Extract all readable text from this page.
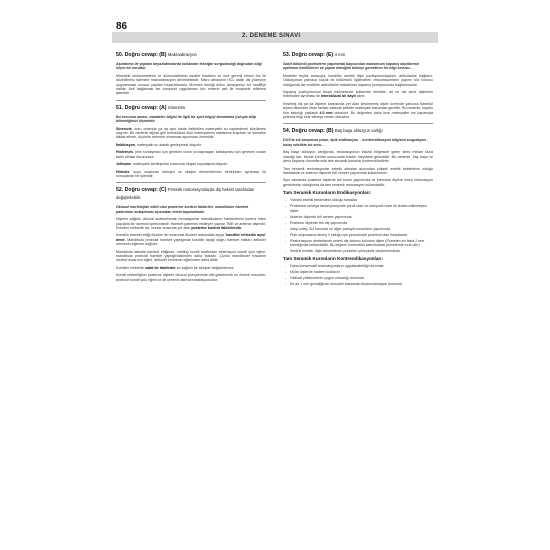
86
2. DENEME SINAVI
50. Doğru cevap: (B) Makroabrazyon
Aşındırma ile yapılan beyazlatmalarda kullanılan tekniğin sorgulandığı doğrudan bilgi ölçen bir sorudur.

Minedeki renklenmelerin ve düzensizliklerin asidtör maddesi ve ince gerenli etmez fırz ile düzeltilmesi işlemine makroabrazyon denilmektedir. Mikro abrazyon HCL asitin diş yüzeyine uygulanması sonucu yapılan beyazlatmadır. Mcinnes tekniği mikro abrazyonun bir modifiye halidir. Asit dağlaması ise kompozit uygulaması için minerin asit ile muamele edilmesi işlemidir.

51. Doğru cevap: (A) Sinerezis
Bu sorunun amacı, maddeler bilgisi ile ilgili bir spot bilgiyi tanımlama yoluyla bilip bilmediğinizi ölçmektir.

Sinerezis, kuru ortamda ya da açık halde bekletilen materyalin su kaybederek büzülmesi olayıdır. Bu nedenle aljinat gibi hidrokolloid ölçü materyallerin saklanma koşulları ve süresine dikkat etmek, ölçünün deforme olmaması açısından önemlidir.

İmbibisyon, materyalin su alarak genleşmesi olayıdır.

Histerezis, jelin sıvılaşması için gereken ısının sıvılaşmayan katılaşması için gereken ısıdan farklı olması durumudur.

Jelleşme, materyalin sertleşmesi sırasında oluşan koyulaşma olayıdır.

Hidroliz, suyu oluşturan hidrojen ve oksijen elementlerinin birbirinden ayrılması ile sonuçlanan bir işlemdir.

52. Doğru cevap: (C) Protetik restorasyonlarda diş hekimi tarafından değiştirilebilir.
Okluzal morfolojide etkili olan posterior kontrol faktörleri, mandibuler hareket paterninin anlaşılması açısından önem taşımaktadır.

Dişlerin sağlıklı okluzal anatomisinde formasyonlar mandibulanın hareketlerini kontrol eden yapılarla bir harmoni içerisindedir. Hareket paternini etkileyen yapılar TME ve anterior dişlerdir. Kondiler rehberlik ise, bunlar arasında yer alan posterior kontrol faktörleridir.

Kondilin hareket ettiği düzlem ile horizontal düzlem arasındaki açıya 'kondiler rehberlik açısı' denir. Mandibula protrusif hareket yaptığında kondilin aşağı doğru hareket miktarı artikuler eminenin eğimine bağlıdır.

Mandibula laterale hareket ettiğinde; orbiting kondil taraftırdan ekstrüzyon kondil yolu eğimi, mandibula protrusif hareket yaptığındakinden daha fazladır. Çünkü mandibuler fossanın medial duvarının eğimi, artikuler eminenin eğiminden daha diktir.

Kondiler rehberlik sabit bir faktördür ve sağlıklı bir bireyde değiştirilemez.

Kondil rehberliğinin posterior dişlerin okluzal yüzeylerinde etki gösterecek en önemli unsurları; protrusif kondil yolu eğimi ve alt çenenin lateral translasyonudur.

53. Doğru cevap: (E) 4 mm
Sabit bölümlü protezlerin yapımında başvurulan maksimum kapanış kayıtlarının optimum özelliklerini ve yapım tekniğini bilmeyi gerektiren bir bilgi sorusu...

Modeller teşhis amacıyla, kondiller sentrik ilişki pozisyonundayken, artikülatöre bağlanır. Oklüzyonun yalnızca küçük bir bölümünü ilgilendiren restorasyonların yapımı söz konusu olduğunda ise modeller artikülatöre maksimum kapanış pozisyonunda bağlanmalıdır.

Kapanış pozisyonunun tespit edilmesinde kullanılan teknikte; alt ve üst çene dişlerinin birbirinden ayrılması ile interoklüzal bir kayıt alınır.

Kesilmiş diş ya da dişlerin karşısında yer alan kesilmemiş dişler üzerinde yalnızca tüberkül tepesi dikenden biraz fazlası kalacak şekilde materyale basılması gereklir. Bu nedenle, kaydın tüm kalınlığı yaklaşık 4.0 mm olmalıdır. Bu değerden daha ince materyaller ise kapanışta yetersiz bilgi elde etmeye neden olacaktır.

54. Doğru cevap: (B) Baş başa oklüzyon varlığı
DUS'ta sık karşımıza çıkan, tipik endikasyon – kontrendikasyon bilgisini sorgulayan , kolay nitelikte bir soru...

Baş başa oklüzyon varlığında, restorasyonun insizal bölgesine gelen stres miktarı fazla olacağı için, ileride kırılma sonucunda fraktür meydana gelecektir. Bu nedenle, baş başa ve derin kapanış durumlarında tam seramik kuronlar kontrendikedirler.

Tam seramik restorasyonlar estetik olmaları açısından yüksek estetik beklentinin olduğu hastalarda ve anterior dişlerde full veneer yapımında kullanılanılır.

Aynı zamanda posterior dişlerde tek kuron yapımında ve premolar dişlere onley restorasyon gerekiminin olduğunda da tam seramik restorasyon kullanılabilir.

Tam Seramik Kuronların Endikasyonları:
- Yüksek estetik beklentinin olduğu hastalar
- Proksimal ve/veya fasial yüzeyinde çürük olan ve kompozit rezin ile tedavi edilemeyen dişler
- Anterior dişlerde full veneer yapımında
- Posterior dişlerde tek diş yapımında
- Inley-onley, 3/4 kuronlar ve diğer parsiyel kuronların yapımında
- Plak oluşmasına direnç li olduğu için periodontal problemi olan hastalarda
- Restorasyonu desteklecek yeterli diş dokusu bulunan dişler (Porselen en fazla 2 mm kalınlığında kullanılabilir. Bu değerin üzerindeki kalınlıklarda porselende kırık olur)
- Sentrik kontak, dişle desteklenen porselen yüzeyinde oluşturulmalıdır
Tam Seramik Kuronların Kontrendikasyonları:
- Daha konservatif restorasyonların uygulanabildiği durumlar
- Molar dişlerde nadiren kullanılır
- Oklüzal yüklenmenin uygun olmadığı durumlar
- En az 1 mm genişliğinde shoulder basamak oluşturulamayan durumlar
